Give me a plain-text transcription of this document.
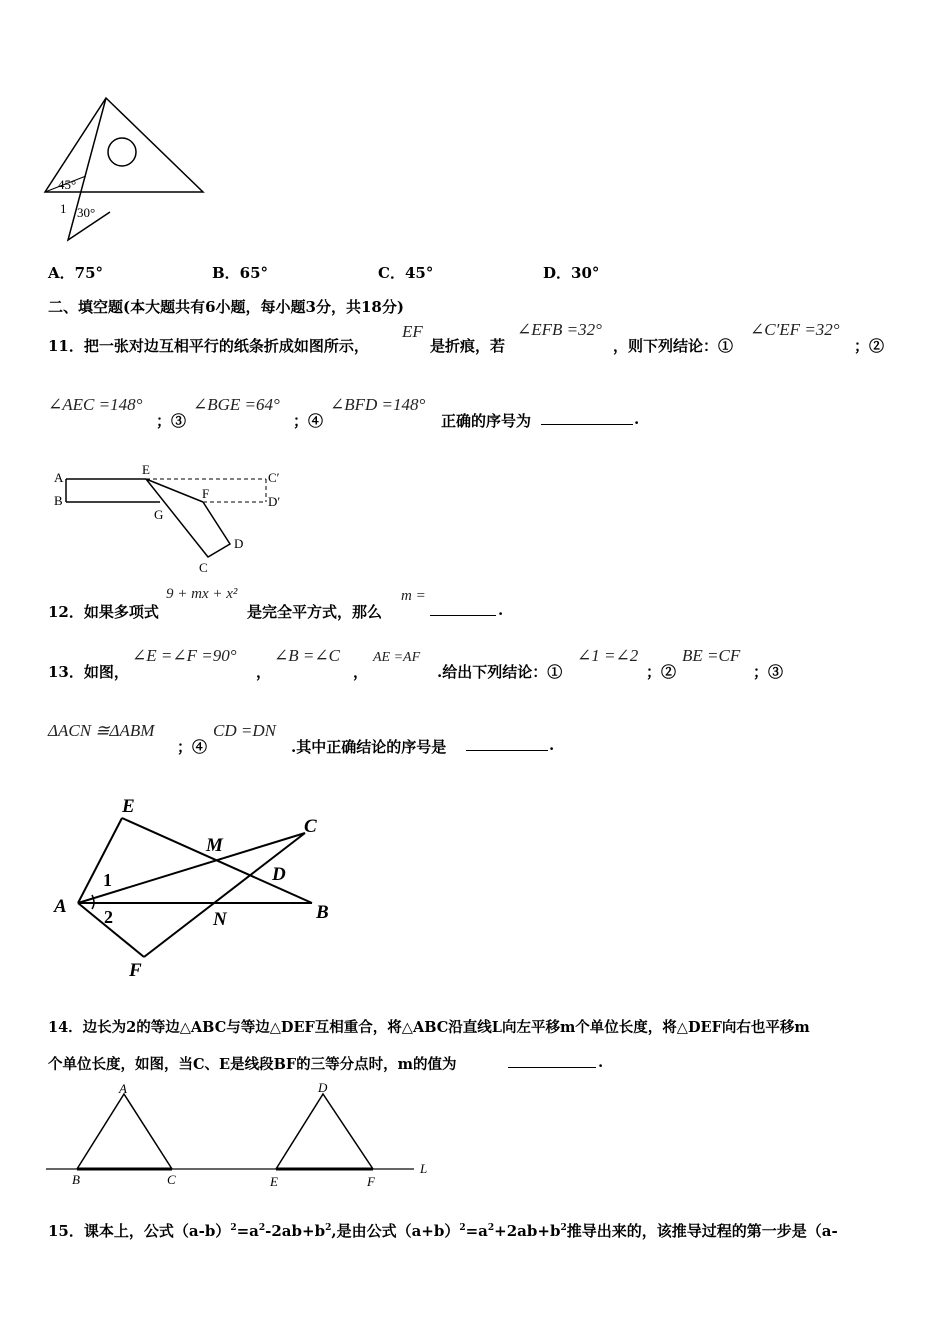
45°
1 30°
A．75°	B．65°	C．45°	D．30°
二、填空题(本大题共有6小题，每小题3分，共18分)
11．把一张对边互相平行的纸条折成如图所示，
EF
是折痕，若
∠EFB =32°
，则下列结论：①
∠C′EF =32°
；②
∠AEC =148°
；③
∠BGE =64°
；④
∠BFD =148°
正确的序号为	.
A
B
E
C′
F
D′
G
D
C
12．如果多项式
9 + mx + x²
是完全平方式，那么
m =
.
13．如图，
∠E =∠F =90°
，
∠B =∠C
，
AE =AF
.给出下列结论：①
∠1 =∠2
；②
BE =CF
；③
ΔACN ≅ΔABM
；④
CD =DN
.其中正确结论的序号是	.
E
M
C
D
1
A 2	N	B
F
14．边长为2的等边△ABC与等边△DEF互相重合，将△ABC沿直线L向左平移m个单位长度，将△DEF向右也平移m
个单位长度，如图，当C、E是线段BF的三等分点时，m的值为	.
A
B	C
D
E	F
L
15．课本上，公式$(a-b)^2=a^2-2ab+b^2$,是由公式$(a+b)^2=a^2+2ab+b^2$推导出来的，该推导过程的第一步是（a-
